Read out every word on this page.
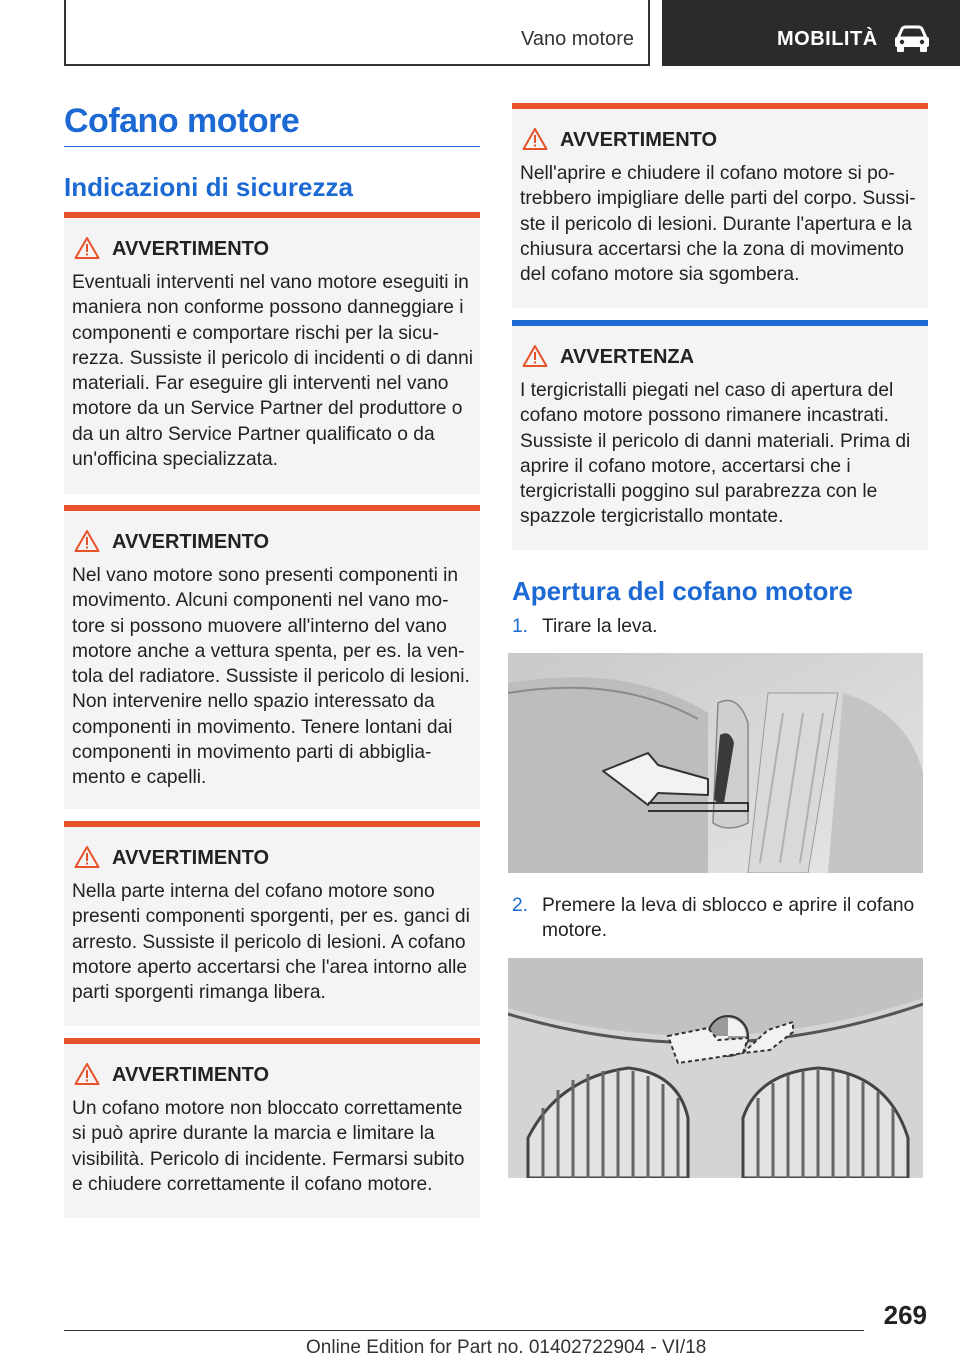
Vano motore	MOBILITÀ
Cofano motore
Indicazioni di sicurezza
AVVERTIMENTO
Eventuali interventi nel vano motore eseguiti in maniera non conforme possono danneggiare i componenti e comportare rischi per la sicurezza. Sussiste il pericolo di incidenti o di danni materiali. Far eseguire gli interventi nel vano motore da un Service Partner del produttore o da un altro Service Partner qualificato o da un'officina specializzata.
AVVERTIMENTO
Nel vano motore sono presenti componenti in movimento. Alcuni componenti nel vano motore si possono muovere all'interno del vano motore anche a vettura spenta, per es. la ventola del radiatore. Sussiste il pericolo di lesioni. Non intervenire nello spazio interessato da componenti in movimento. Tenere lontani dai componenti in movimento parti di abbigliamento e capelli.
AVVERTIMENTO
Nella parte interna del cofano motore sono presenti componenti sporgenti, per es. ganci di arresto. Sussiste il pericolo di lesioni. A cofano motore aperto accertarsi che l'area intorno alle parti sporgenti rimanga libera.
AVVERTIMENTO
Un cofano motore non bloccato correttamente si può aprire durante la marcia e limitare la visibilità. Pericolo di incidente. Fermarsi subito e chiudere correttamente il cofano motore.
AVVERTIMENTO
Nell'aprire e chiudere il cofano motore si potrebbero impigliare delle parti del corpo. Sussiste il pericolo di lesioni. Durante l'apertura e la chiusura accertarsi che la zona di movimento del cofano motore sia sgombera.
AVVERTENZA
I tergicristalli piegati nel caso di apertura del cofano motore possono rimanere incastrati. Sussiste il pericolo di danni materiali. Prima di aprire il cofano motore, accertarsi che i tergicristalli poggino sul parabrezza con le spazzole tergicristallo montate.
Apertura del cofano motore
1. Tirare la leva.
2. Premere la leva di sblocco e aprire il cofano motore.
269
Online Edition for Part no. 01402722904 - VI/18
